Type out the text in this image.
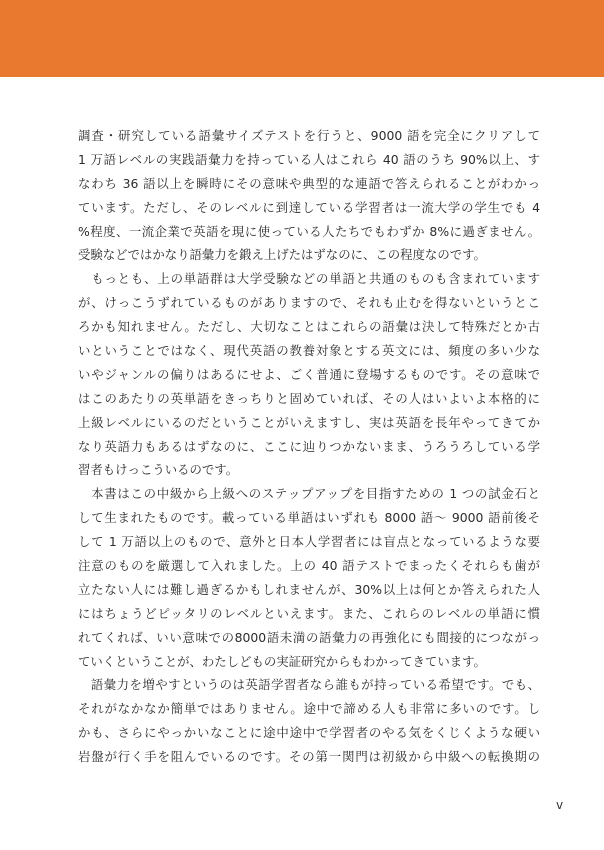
調査・研究している語彙サイズテストを行うと、9000 語を完全にクリアして
1 万語レベルの実践語彙力を持っている人はこれら 40 語のうち 90%以上、す
なわち 36 語以上を瞬時にその意味や典型的な連語で答えられることがわかっ
ています。ただし、そのレベルに到達している学習者は一流大学の学生でも 4
%程度、一流企業で英語を現に使っている人たちでもわずか 8%に過ぎません。
受験などではかなり語彙力を鍛え上げたはずなのに、この程度なのです。
　もっとも、上の単語群は大学受験などの単語と共通のものも含まれています
が、けっこうずれているものがありますので、それも止むを得ないというとこ
ろかも知れません。ただし、大切なことはこれらの語彙は決して特殊だとか古
いということではなく、現代英語の教養対象とする英文には、頻度の多い少な
いやジャンルの偏りはあるにせよ、ごく普通に登場するものです。その意味で
はこのあたりの英単語をきっちりと固めていれば、その人はいよいよ本格的に
上級レベルにいるのだということがいえますし、実は英語を長年やってきてか
なり英語力もあるはずなのに、ここに辿りつかないまま、うろうろしている学
習者もけっこういるのです。
　本書はこの中級から上級へのステップアップを目指すための 1 つの試金石と
して生まれたものです。載っている単語はいずれも 8000 語～ 9000 語前後そ
して 1 万語以上のもので、意外と日本人学習者には盲点となっているような要
注意のものを厳選して入れました。上の 40 語テストでまったくそれらも歯が
立たない人には難し過ぎるかもしれませんが、30%以上は何とか答えられた人
にはちょうどピッタリのレベルといえます。また、これらのレベルの単語に慣
れてくれば、いい意味での8000語未満の語彙力の再強化にも間接的につながっ
ていくということが、わたしどもの実証研究からもわかってきています。
　語彙力を増やすというのは英語学習者なら誰もが持っている希望です。でも、
それがなかなか簡単ではありません。途中で諦める人も非常に多いのです。し
かも、さらにやっかいなことに途中途中で学習者のやる気をくじくような硬い
岩盤が行く手を阻んでいるのです。その第一関門は初級から中級への転換期の
v
